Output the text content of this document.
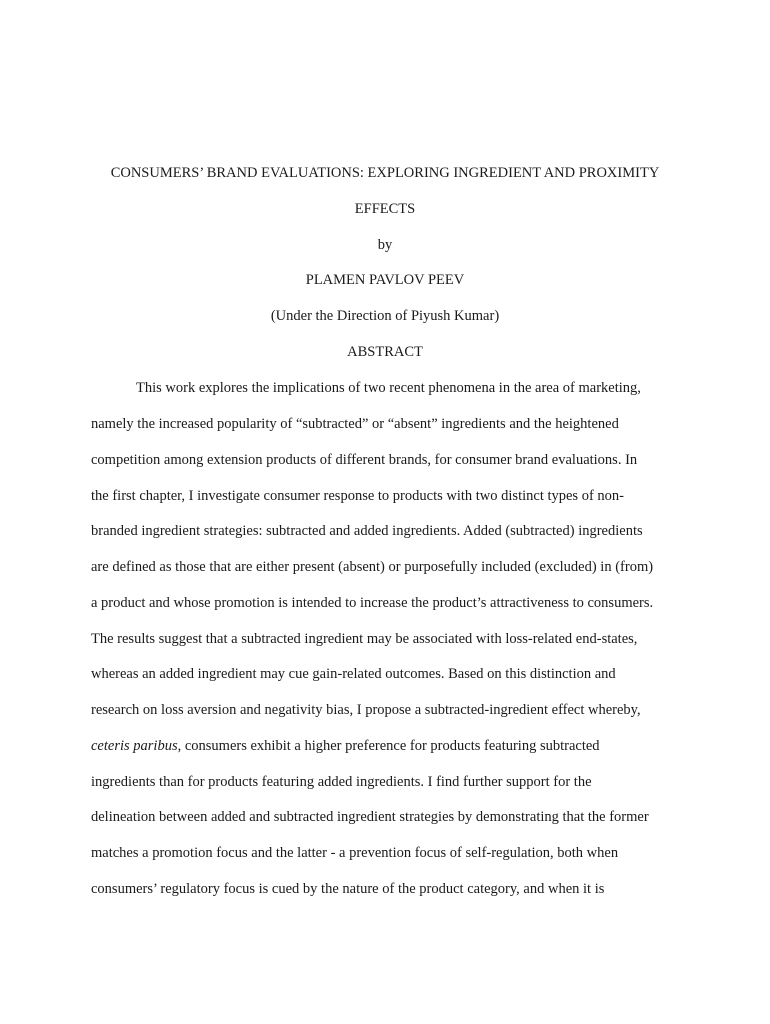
CONSUMERS’ BRAND EVALUATIONS: EXPLORING INGREDIENT AND PROXIMITY
EFFECTS
by
PLAMEN PAVLOV PEEV
(Under the Direction of Piyush Kumar)
ABSTRACT
This work explores the implications of two recent phenomena in the area of marketing,
namely the increased popularity of “subtracted” or “absent” ingredients and the heightened
competition among extension products of different brands, for consumer brand evaluations. In
the first chapter, I investigate consumer response to products with two distinct types of non-
branded ingredient strategies: subtracted and added ingredients. Added (subtracted) ingredients
are defined as those that are either present (absent) or purposefully included (excluded) in (from)
a product and whose promotion is intended to increase the product’s attractiveness to consumers.
The results suggest that a subtracted ingredient may be associated with loss-related end-states,
whereas an added ingredient may cue gain-related outcomes. Based on this distinction and
research on loss aversion and negativity bias, I propose a subtracted-ingredient effect whereby,
ceteris paribus, consumers exhibit a higher preference for products featuring subtracted
ingredients than for products featuring added ingredients. I find further support for the
delineation between added and subtracted ingredient strategies by demonstrating that the former
matches a promotion focus and the latter - a prevention focus of self-regulation, both when
consumers’ regulatory focus is cued by the nature of the product category, and when it is
